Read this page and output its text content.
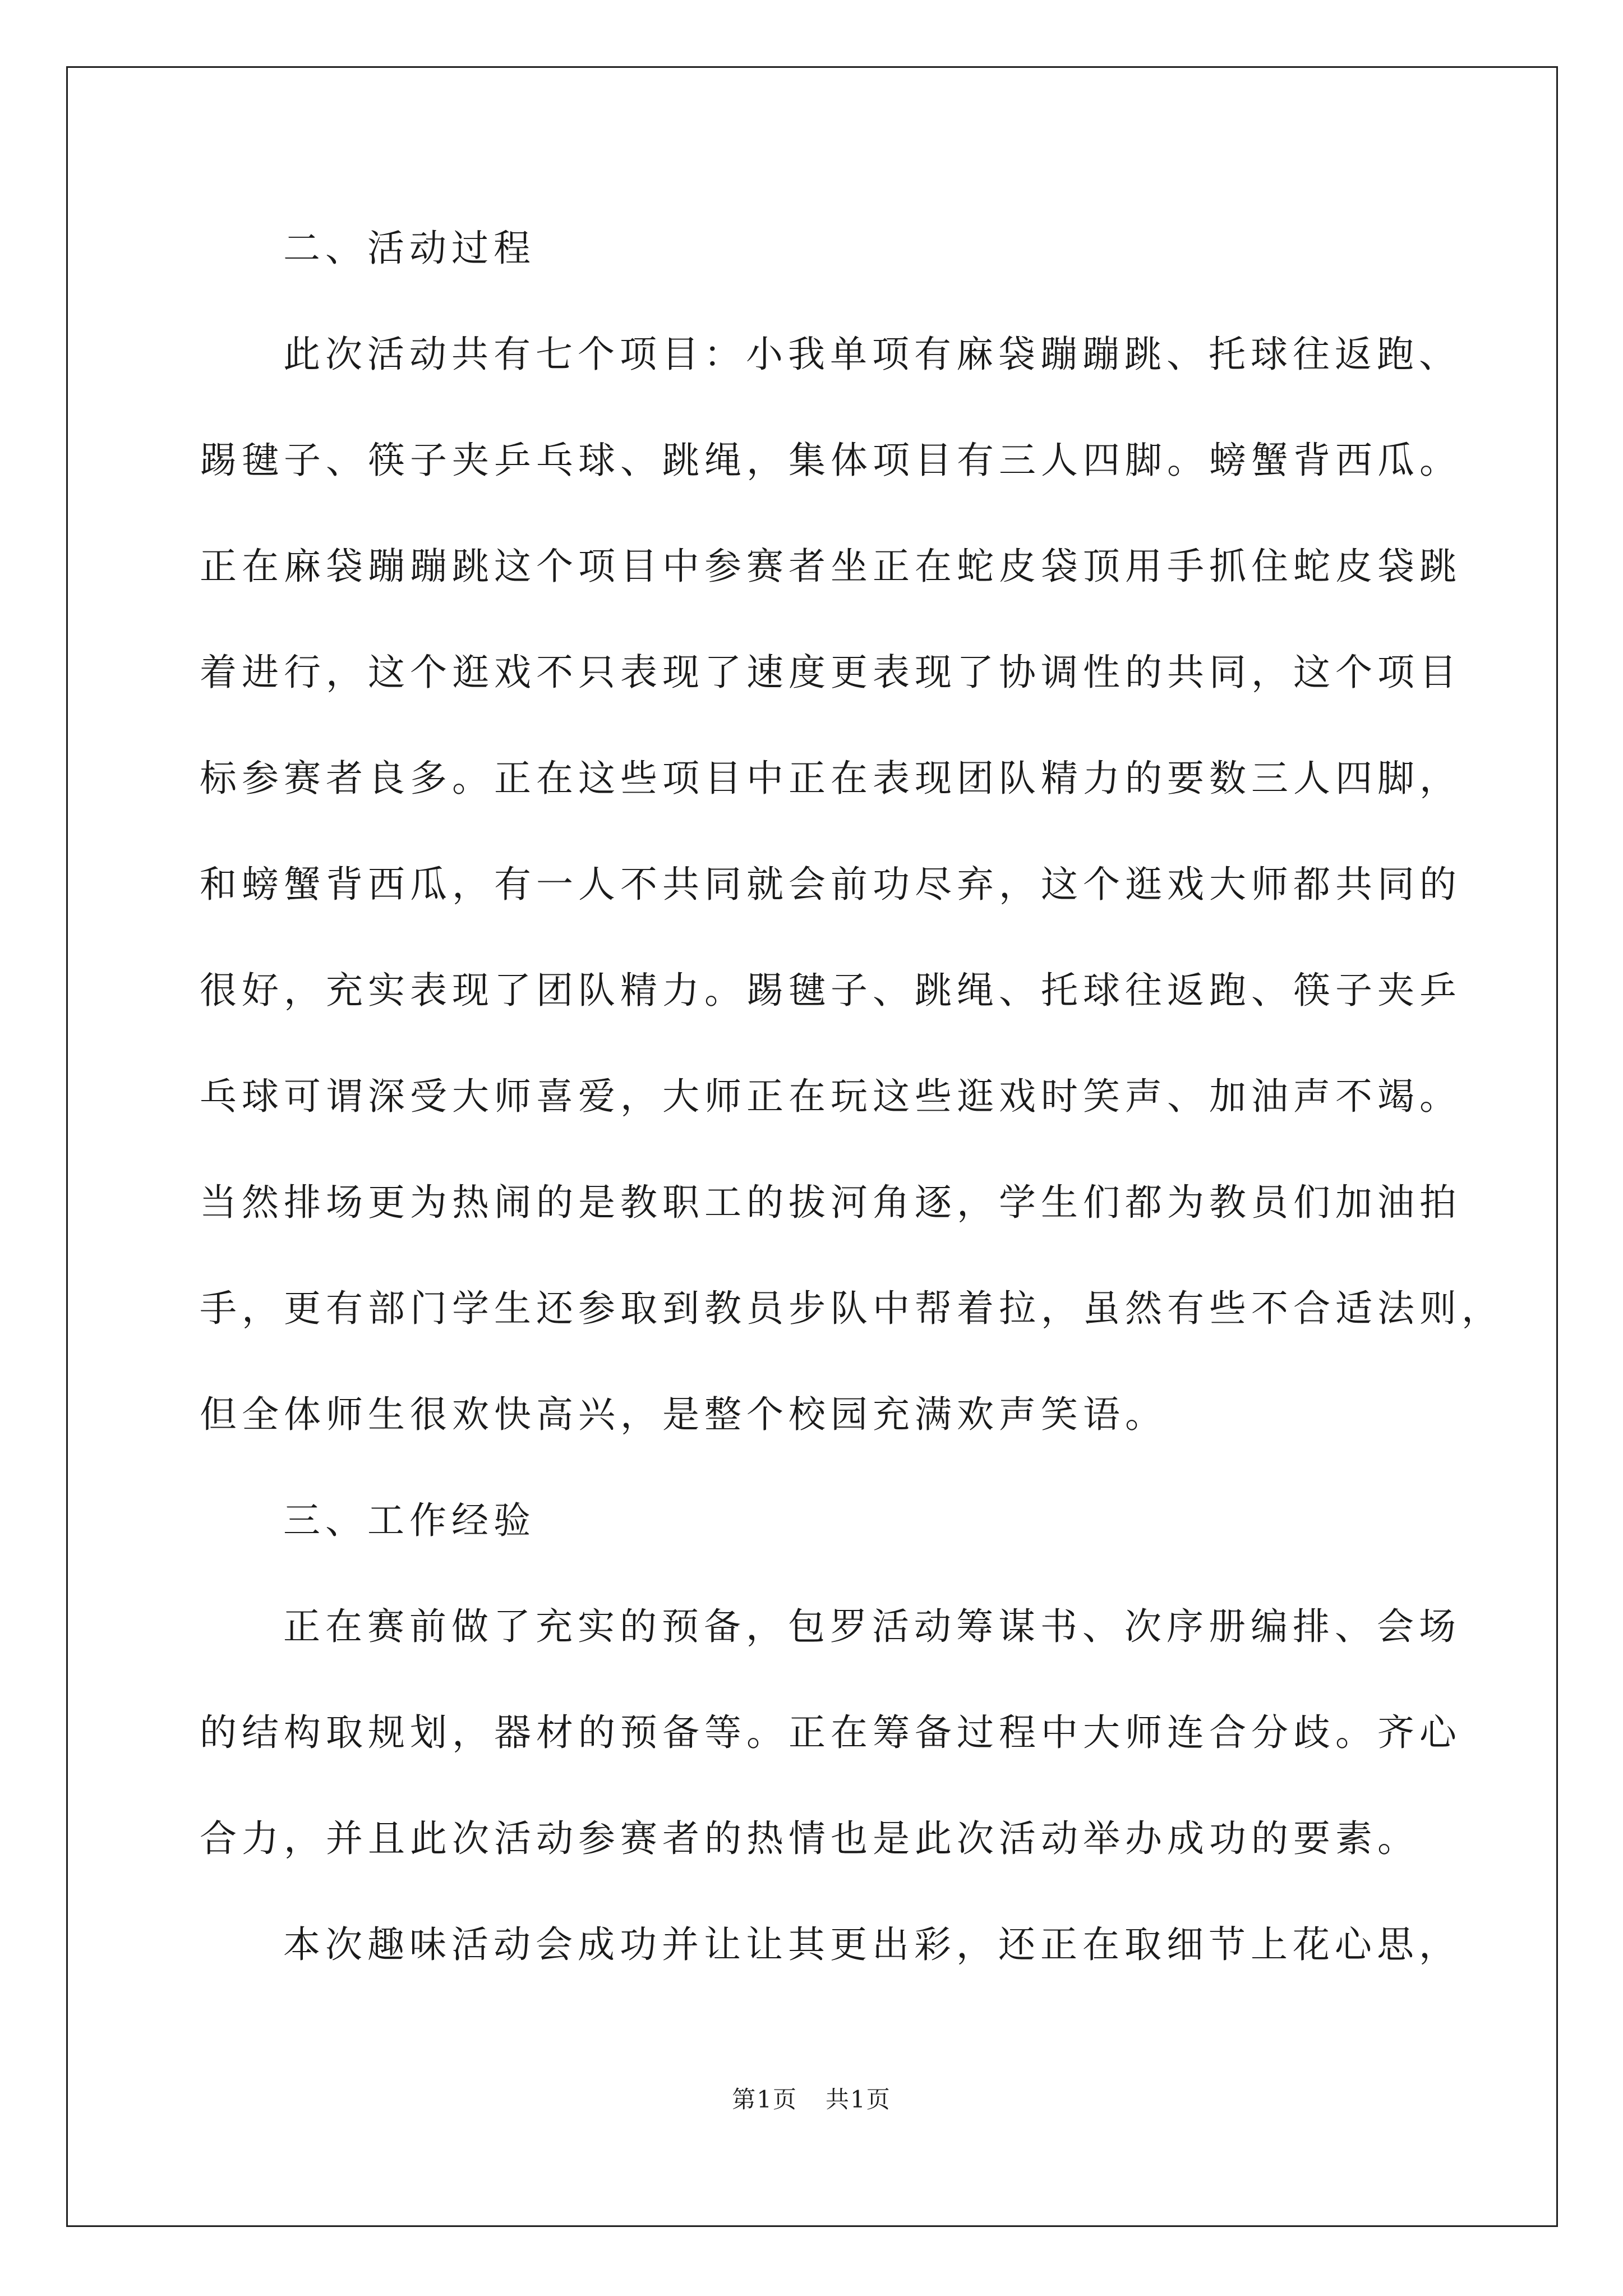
二、活动过程
此次活动共有七个项目：小我单项有麻袋蹦蹦跳、托球往返跑、
踢毽子、筷子夹乒乓球、跳绳，集体项目有三人四脚。螃蟹背西瓜。
正在麻袋蹦蹦跳这个项目中参赛者坐正在蛇皮袋顶用手抓住蛇皮袋跳
着进行，这个逛戏不只表现了速度更表现了协调性的共同，这个项目
标参赛者良多。正在这些项目中正在表现团队精力的要数三人四脚，
和螃蟹背西瓜，有一人不共同就会前功尽弃，这个逛戏大师都共同的
很好，充实表现了团队精力。踢毽子、跳绳、托球往返跑、筷子夹乒
乓球可谓深受大师喜爱，大师正在玩这些逛戏时笑声、加油声不竭。
当然排场更为热闹的是教职工的拔河角逐，学生们都为教员们加油拍
手，更有部门学生还参取到教员步队中帮着拉，虽然有些不合适法则，
但全体师生很欢快高兴，是整个校园充满欢声笑语。
三、工作经验
正在赛前做了充实的预备，包罗活动筹谋书、次序册编排、会场
的结构取规划，器材的预备等。正在筹备过程中大师连合分歧。齐心
合力，并且此次活动参赛者的热情也是此次活动举办成功的要素。
本次趣味活动会成功并让让其更出彩，还正在取细节上花心思，
第1页 共1页
